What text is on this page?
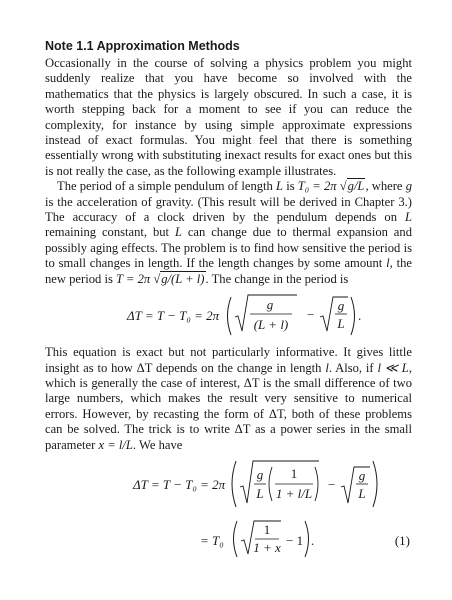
Note 1.1 Approximation Methods

Occasionally in the course of solving a physics problem you might suddenly realize that you have become so involved with the mathematics that the physics is largely obscured. In such a case, it is worth stepping back for a moment to see if you can reduce the complexity, for instance by using simple approximate expressions instead of exact formulas. You might feel that there is something essentially wrong with substituting inexact results for exact ones but this is not really the case, as the following example illustrates.

The period of a simple pendulum of length L is T₀ = 2π √g/L, where g is the acceleration of gravity. (This result will be derived in Chapter 3.) The accuracy of a clock driven by the pendulum depends on L remaining constant, but L can change due to thermal expansion and possibly aging effects. The problem is to find how sensitive the period is to small changes in length. If the length changes by some amount l, the new period is T = 2π √g/(L + l). The change in the period is

ΔT = T − T₀ = 2π
g
(L + l)
−
g
L
.

This equation is exact but not particularly informative. It gives little insight as to how ΔT depends on the change in length l. Also, if l ≪ L, which is generally the case of interest, ΔT is the small difference of two large numbers, which makes the result very sensitive to numerical errors. However, by recasting the form of ΔT, both of these problems can be solved. The trick is to write ΔT as a power series in the small parameter x = l/L. We have

ΔT = T − T₀ = 2π
g
L
1
1 + l/L
−
g
L
= T₀
1
1 + x − 1 .	(1)
